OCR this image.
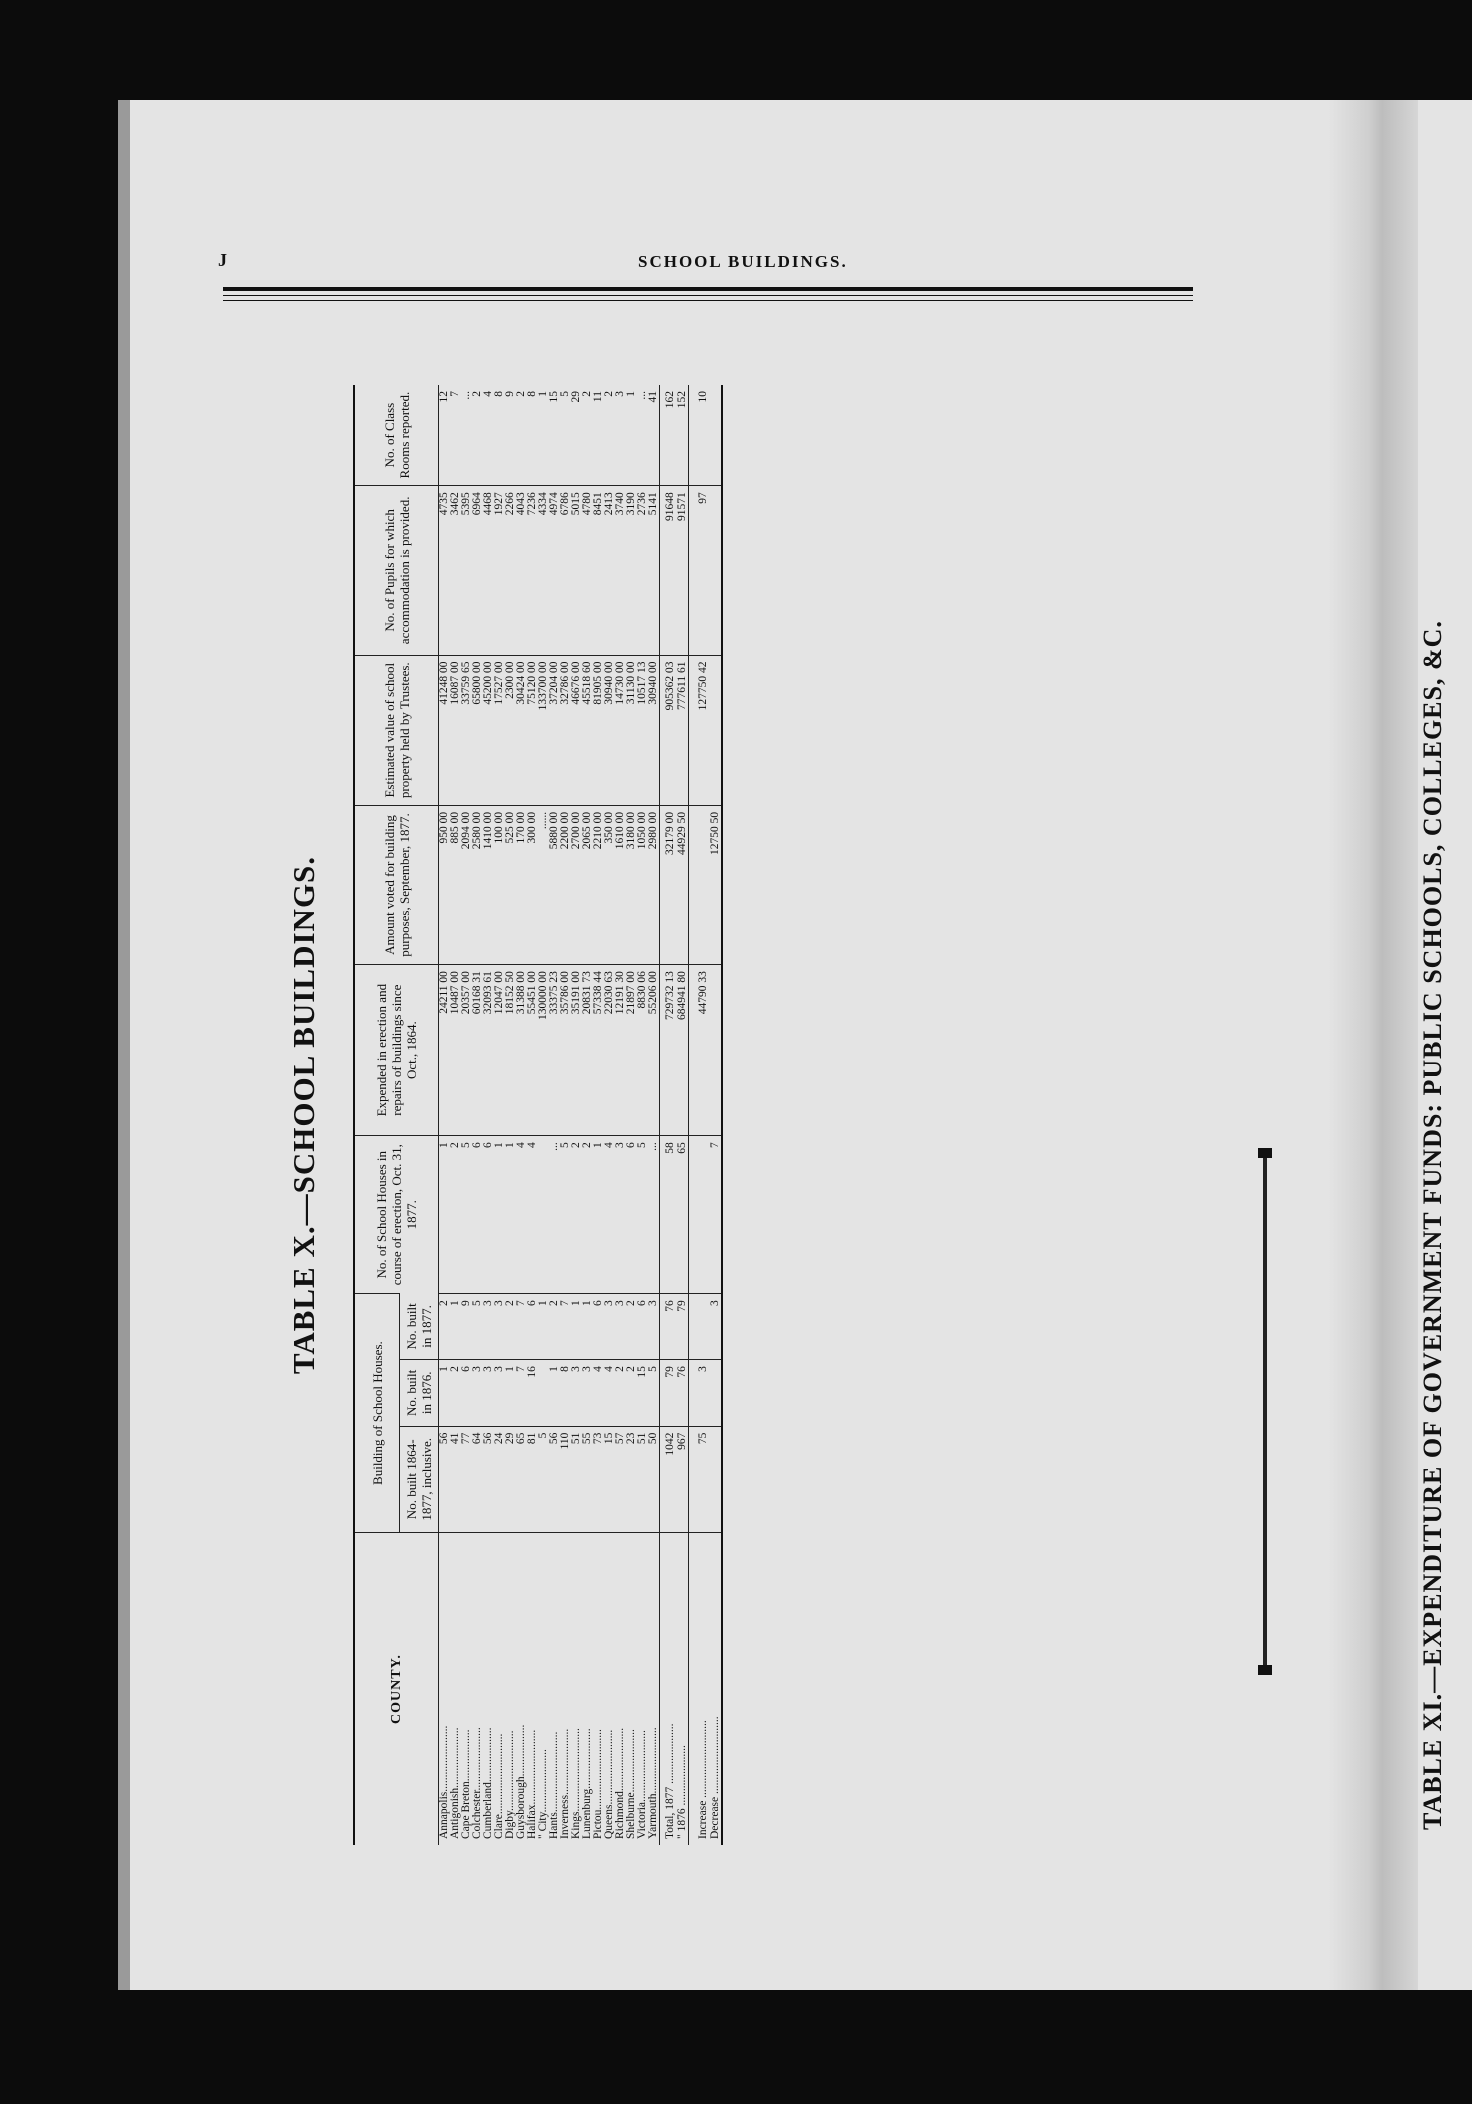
J	SCHOOL BUILDINGS.
TABLE X.—SCHOOL BUILDINGS.
COUNTY.	Building of School Houses.			No. of School Houses in course of erection, Oct. 31, 1877.	Expended in erection and repairs of buildings since Oct., 1864.	Amount voted for building purposes, September, 1877.	Estimated value of school property held by Trustees.	No. of Pupils for which accommodation is provided.	No. of Class Rooms reported.
	No. built 1864-1877, inclusive.	No. built in 1876.	No. built in 1877.						
Annapolis.......................	56	1	2	1	24211 00	950 00	41248 00	4735	12
Antigonish.....................	41	2	1	2	10487 00	885 00	16087 00	3462	7
Cape Breton..................	77	6	9	5	20357 00	2094 00	33759 65	5395	...
Colchester......................	64	3	5	6	60168 31	2580 00	65800 00	6964	2
Cumberland...................	56	3	3	6	32093 61	1410 00	45200 00	4468	4
Clare............................	24	3	3	1	12047 00	100 00	17527 00	1927	8
Digby............................	29	1	2	1	18152 50	525 00	2300 00	2266	9
Guysborough..................	65	7	7	4	31388 00	170 00	30424 00	4043	2
Halifax..........................	81	16	6	4	55451 00	300 00	75120 00	7236	8
" City......................	5		1		130000 00	......	133700 00	4334	1
Hants............................	56	1	2	...	33375 23	5880 00	37204 00	4974	15
Inverness.......................	110	8	7	5	35786 00	2200 00	32786 00	6786	5
Kings.............................	51	3	1	2	35191 00	2700 00	46676 00	5015	29
Lunenburg.....................	55	3	1	2	20831 73	2065 00	45518 60	4780	2
Pictou............................	73	4	6	1	57338 44	2210 00	81905 00	8451	11
Queens..........................	15	4	3	4	22030 63	350 00	30940 00	2413	2
Richmond......................	57	2	3	3	12191 30	1610 00	14730 00	3740	3
Shelburne......................	23	2	2	6	21897 00	3180 00	31130 00	3190	1
Victoria.........................	51	15	6	5	8830 06	1050 00	10517 13	2736	...
Yarmouth.......................	50	5	3	...	55206 00	2980 00	30940 00	5141	41
Total, 1877 .....................	1042	79	76	58	729732 13	32179 00	905362 03	91648	162
" 1876 .....................	967	76	79	65	684941 80	44929 50	777611 61	91571	152
Increase ...........................	75	3			44790 33		127750 42	97	10
Decrease ...........................			3	7		12750 50				TABLE XI.—EXPENDITURE OF GOVERNMENT FUNDS: PUBLIC SCHOOLS, COLLEGES, &C.
